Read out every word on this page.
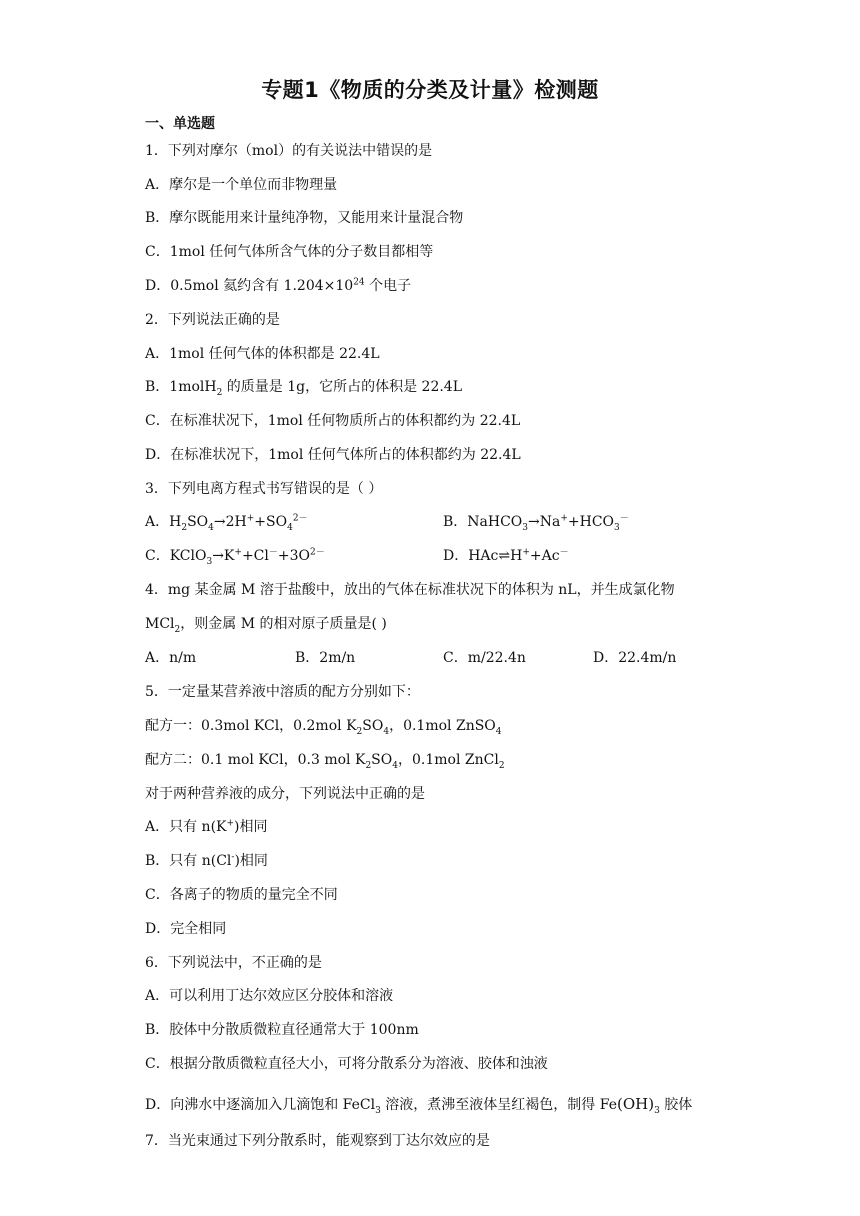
专题1《物质的分类及计量》检测题
一、单选题
1．下列对摩尔（mol）的有关说法中错误的是
A．摩尔是一个单位而非物理量
B．摩尔既能用来计量纯净物，又能用来计量混合物
C．1mol 任何气体所含气体的分子数目都相等
D．0.5mol 氦约含有 $1.204\times 10^{24}$ 个电子
2．下列说法正确的是
A．1mol 任何气体的体积都是 22.4L
B．1molH$_2$ 的质量是 1g，它所占的体积是 22.4L
C．在标准状况下，1mol 任何物质所占的体积都约为 22.4L
D．在标准状况下，1mol 任何气体所占的体积都约为 22.4L
3．下列电离方程式书写错误的是（ ）
A．$H_2SO_4\to 2H^++SO_4^{2-}$	B．$NaHCO_3\to Na^++HCO_3^-$
C．$KClO_3\to K^++Cl^-+3O^{2-}$	D．HAc⇌H++Ac－
4．mg 某金属 M 溶于盐酸中，放出的气体在标准状况下的体积为 nL，并生成氯化物
MCl$_2$，则金属 M 的相对原子质量是( )
A．n/m	B．2m/n	C．m/22.4n	D．22.4m/n
5．一定量某营养液中溶质的配方分别如下：
配方一：0.3mol KCl，0.2mol $K_2SO_4$，0.1mol ZnSO$_4$
配方二：0.1 mol KCl，0.3 mol $K_2SO_4$，0.1mol ZnCl$_2$
对于两种营养液的成分，下列说法中正确的是
A．只有 n(K+)相同
B．只有 n(Cl-)相同
C．各离子的物质的量完全不同
D．完全相同
6．下列说法中，不正确的是
A．可以利用丁达尔效应区分胶体和溶液
B．胶体中分散质微粒直径通常大于 100nm
C．根据分散质微粒直径大小，可将分散系分为溶液、胶体和浊液
D．向沸水中逐滴加入几滴饱和 FeCl$_3$ 溶液，煮沸至液体呈红褐色，制得 $Fe(OH)_3$ 胶体
7．当光束通过下列分散系时，能观察到丁达尔效应的是
